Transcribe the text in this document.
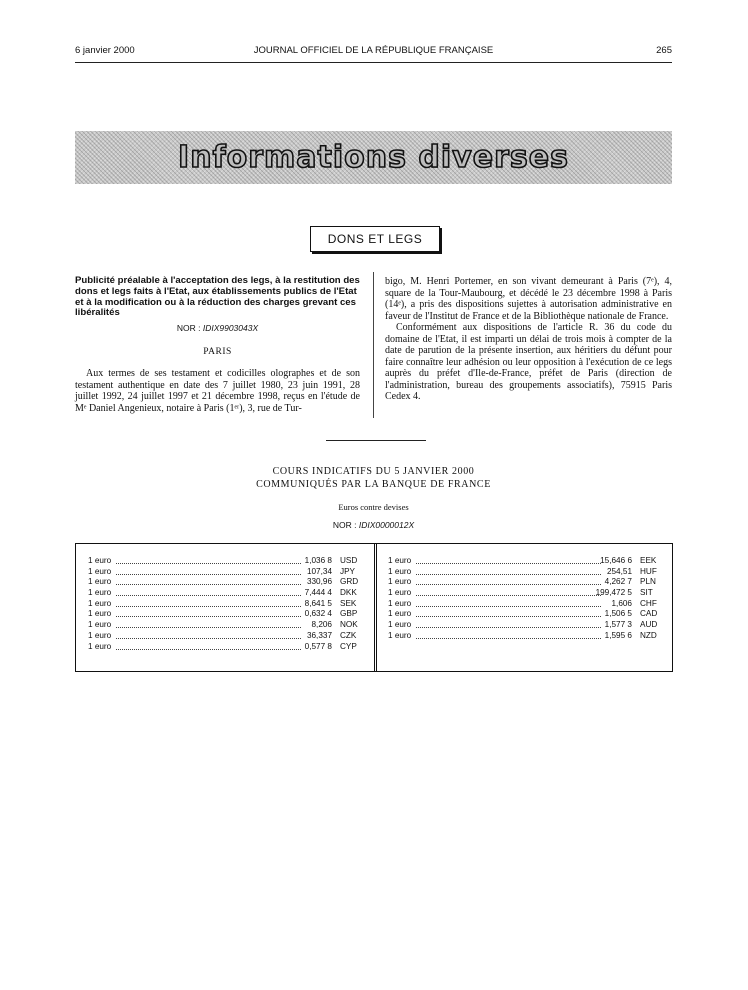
6 janvier 2000	JOURNAL OFFICIEL DE LA RÉPUBLIQUE FRANÇAISE	265
Informations diverses
DONS ET LEGS

Publicité préalable à l'acceptation des legs, à la restitution des dons et legs faits à l'Etat, aux établissements publics de l'Etat et à la modification ou à la réduction des charges grevant ces libéralités

NOR : IDIX9903043X
PARIS

Aux termes de ses testament et codicilles olographes et de son testament authentique en date des 7 juillet 1980, 23 juin 1991, 28 juillet 1992, 24 juillet 1997 et 21 décembre 1998, reçus en l'étude de Mᵉ Daniel Angenieux, notaire à Paris (1ᵉʳ), 3, rue de Tur-

bigo, M. Henri Portemer, en son vivant demeurant à Paris (7ᵉ), 4, square de la Tour-Maubourg, et décédé le 23 décembre 1998 à Paris (14ᵉ), a pris des dispositions sujettes à autorisation administrative en faveur de l'Institut de France et de la Bibliothèque nationale de France.

Conformément aux dispositions de l'article R. 36 du code du domaine de l'Etat, il est imparti un délai de trois mois à compter de la date de parution de la présente insertion, aux héritiers du défunt pour faire connaître leur adhésion ou leur opposition à l'exécution de ce legs auprès du préfet d'Ile-de-France, préfet de Paris (direction de l'administration, bureau des groupements associatifs), 75915 Paris Cedex 4.

COURS INDICATIFS DU 5 JANVIER 2000
COMMUNIQUÉS PAR LA BANQUE DE FRANCE
Euros contre devises
NOR : IDIX0000012X
1 euro	1,036 8 USD
1 euro	107,34 JPY
1 euro	330,96 GRD
1 euro	7,444 4 DKK
1 euro	8,641 5 SEK
1 euro	0,632 4 GBP
1 euro	8,206 NOK
1 euro	36,337 CZK
1 euro	0,577 8 CYP
1 euro	15,646 6 EEK
1 euro	254,51 HUF
1 euro	4,262 7 PLN
1 euro	199,472 5 SIT
1 euro	1,606 CHF
1 euro	1,506 5 CAD
1 euro	1,577 3 AUD
1 euro	1,595 6 NZD
